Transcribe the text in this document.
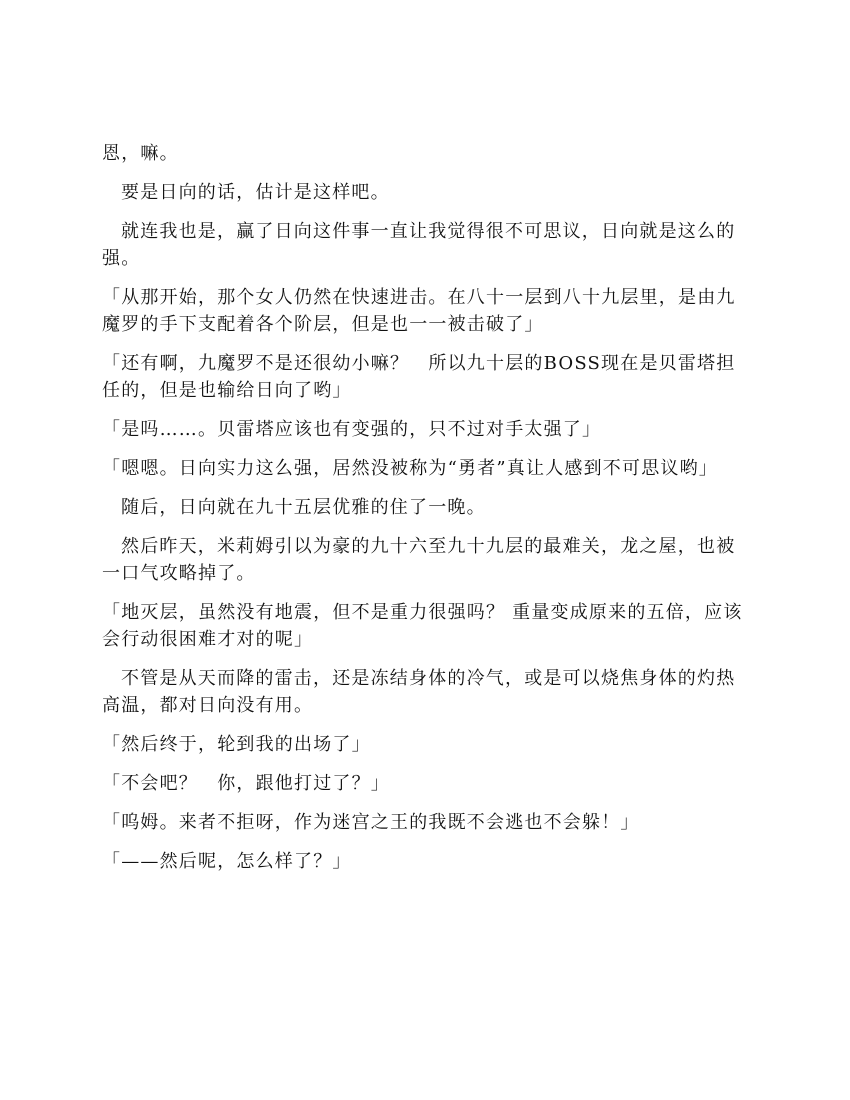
恩，嘛。

要是日向的话，估计是这样吧。

就连我也是，赢了日向这件事一直让我觉得很不可思议，日向就是这么的强。

「从那开始，那个女人仍然在快速进击。在八十一层到八十九层里，是由九魔罗的手下支配着各个阶层，但是也一一被击破了」

「还有啊，九魔罗不是还很幼小嘛？　所以九十层的BOSS现在是贝雷塔担任的，但是也输给日向了哟」

「是吗……。贝雷塔应该也有变强的，只不过对手太强了」

「嗯嗯。日向实力这么强，居然没被称为“勇者”真让人感到不可思议哟」

随后，日向就在九十五层优雅的住了一晚。

然后昨天，米莉姆引以为豪的九十六至九十九层的最难关，龙之屋，也被一口气攻略掉了。

「地灭层，虽然没有地震，但不是重力很强吗？ 重量变成原来的五倍，应该会行动很困难才对的呢」

不管是从天而降的雷击，还是冻结身体的冷气，或是可以烧焦身体的灼热高温，都对日向没有用。

「然后终于，轮到我的出场了」

「不会吧？　你，跟他打过了？」

「呜姆。来者不拒呀，作为迷宫之王的我既不会逃也不会躲！」

「——然后呢，怎么样了？」
